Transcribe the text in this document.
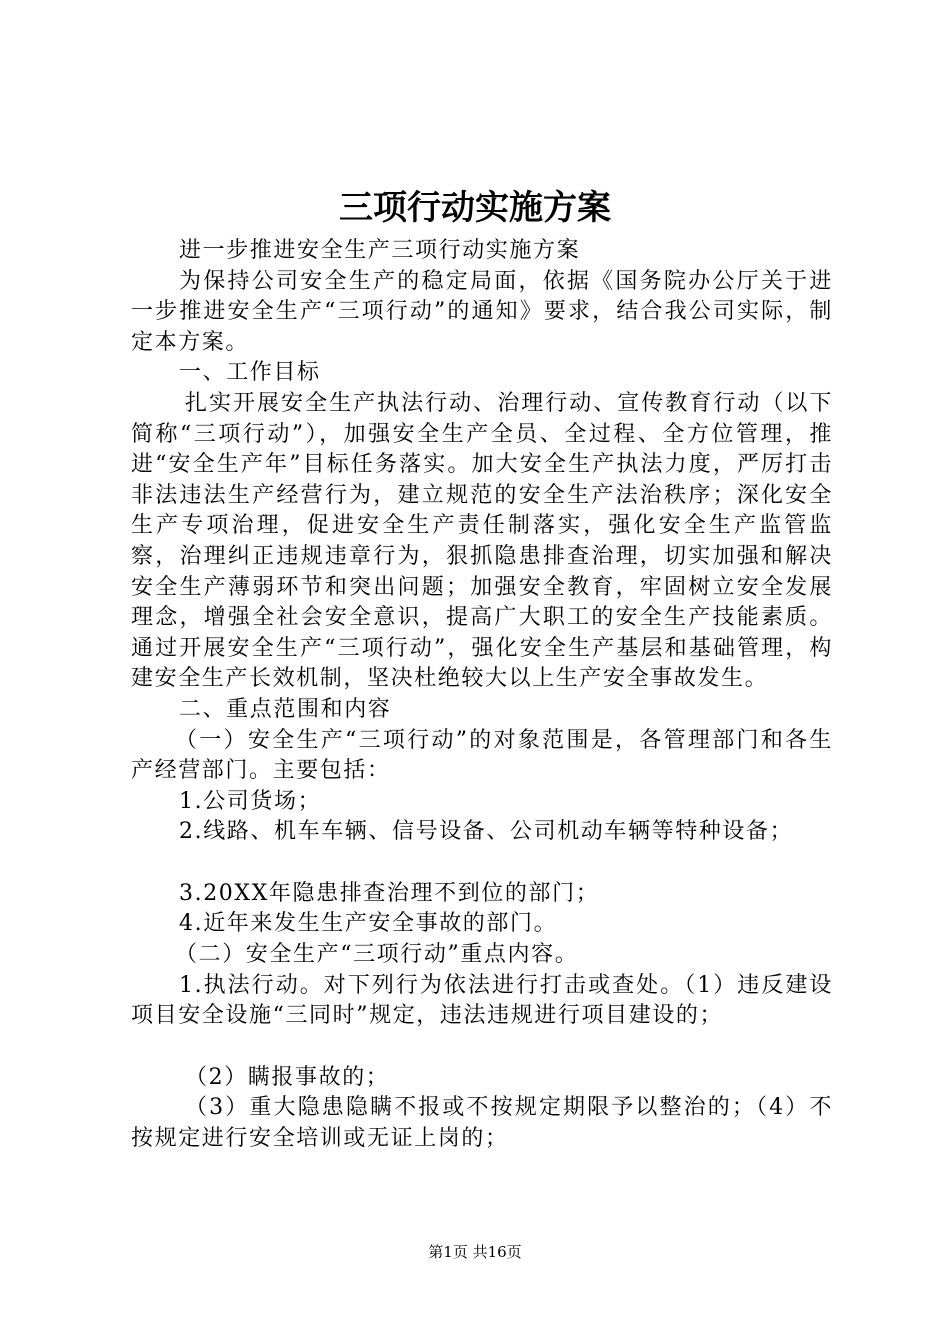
三项行动实施方案

进一步推进安全生产三项行动实施方案

为保持公司安全生产的稳定局面，依据《国务院办公厅关于进一步推进安全生产“三项行动”的通知》要求，结合我公司实际，制定本方案。

一、工作目标

扎实开展安全生产执法行动、治理行动、宣传教育行动（以下简称“三项行动”），加强安全生产全员、全过程、全方位管理，推进“安全生产年”目标任务落实。加大安全生产执法力度，严厉打击非法违法生产经营行为，建立规范的安全生产法治秩序；深化安全生产专项治理，促进安全生产责任制落实，强化安全生产监管监察，治理纠正违规违章行为，狠抓隐患排查治理，切实加强和解决安全生产薄弱环节和突出问题；加强安全教育，牢固树立安全发展理念，增强全社会安全意识，提高广大职工的安全生产技能素质。通过开展安全生产“三项行动”，强化安全生产基层和基础管理，构建安全生产长效机制，坚决杜绝较大以上生产安全事故发生。

二、重点范围和内容

（一）安全生产“三项行动”的对象范围是，各管理部门和各生产经营部门。主要包括：

1.公司货场；

2.线路、机车车辆、信号设备、公司机动车辆等特种设备；

3.20XX年隐患排查治理不到位的部门；

4.近年来发生生产安全事故的部门。

（二）安全生产“三项行动”重点内容。

1.执法行动。对下列行为依法进行打击或查处。（1）违反建设项目安全设施“三同时”规定，违法违规进行项目建设的；

（2）瞒报事故的；

（3）重大隐患隐瞒不报或不按规定期限予以整治的；（4）不按规定进行安全培训或无证上岗的；

第1页 共16页
